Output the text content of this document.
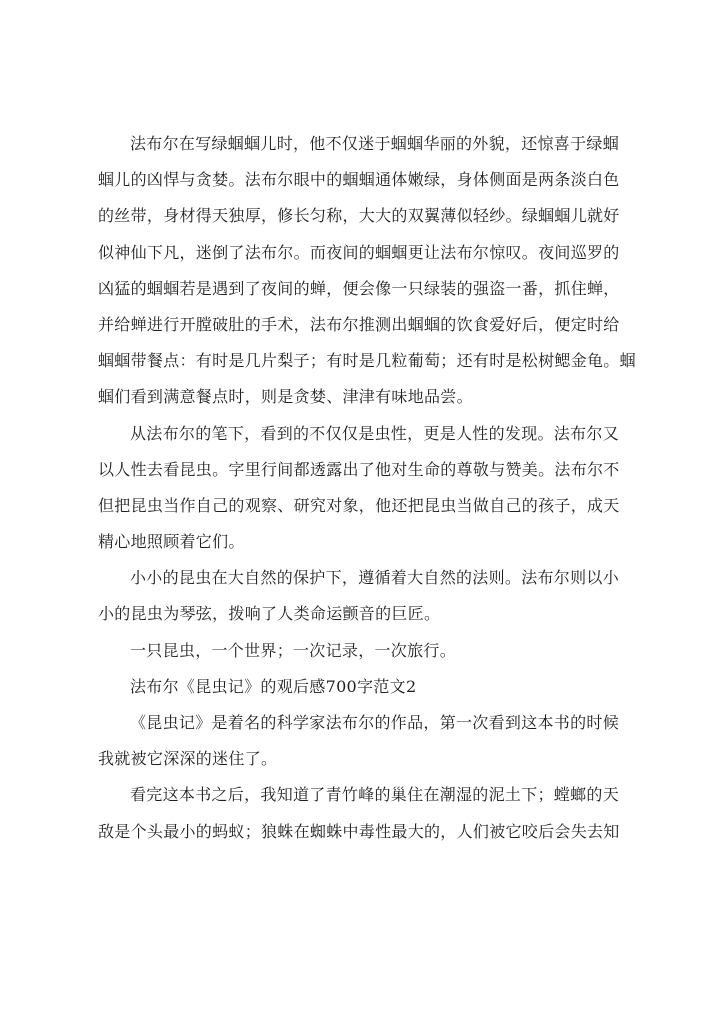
法布尔在写绿蝈蝈儿时，他不仅迷于蝈蝈华丽的外貌，还惊喜于绿蝈
蝈儿的凶悍与贪婪。法布尔眼中的蝈蝈通体嫩绿，身体侧面是两条淡白色
的丝带，身材得天独厚，修长匀称，大大的双翼薄似轻纱。绿蝈蝈儿就好
似神仙下凡，迷倒了法布尔。而夜间的蝈蝈更让法布尔惊叹。夜间巡罗的
凶猛的蝈蝈若是遇到了夜间的蝉，便会像一只绿装的强盗一番，抓住蝉，
并给蝉进行开膛破肚的手术，法布尔推测出蝈蝈的饮食爱好后，便定时给
蝈蝈带餐点：有时是几片梨子；有时是几粒葡萄；还有时是松树鳃金龟。蝈
蝈们看到满意餐点时，则是贪婪、津津有味地品尝。
从法布尔的笔下，看到的不仅仅是虫性，更是人性的发现。法布尔又
以人性去看昆虫。字里行间都透露出了他对生命的尊敬与赞美。法布尔不
但把昆虫当作自己的观察、研究对象，他还把昆虫当做自己的孩子，成天
精心地照顾着它们。
小小的昆虫在大自然的保护下，遵循着大自然的法则。法布尔则以小
小的昆虫为琴弦，拨响了人类命运颤音的巨匠。
一只昆虫，一个世界；一次记录，一次旅行。
法布尔《昆虫记》的观后感700字范文2
《昆虫记》是着名的科学家法布尔的作品，第一次看到这本书的时候
我就被它深深的迷住了。
看完这本书之后，我知道了青竹峰的巢住在潮湿的泥土下；螳螂的天
敌是个头最小的蚂蚁；狼蛛在蜘蛛中毒性最大的，人们被它咬后会失去知
